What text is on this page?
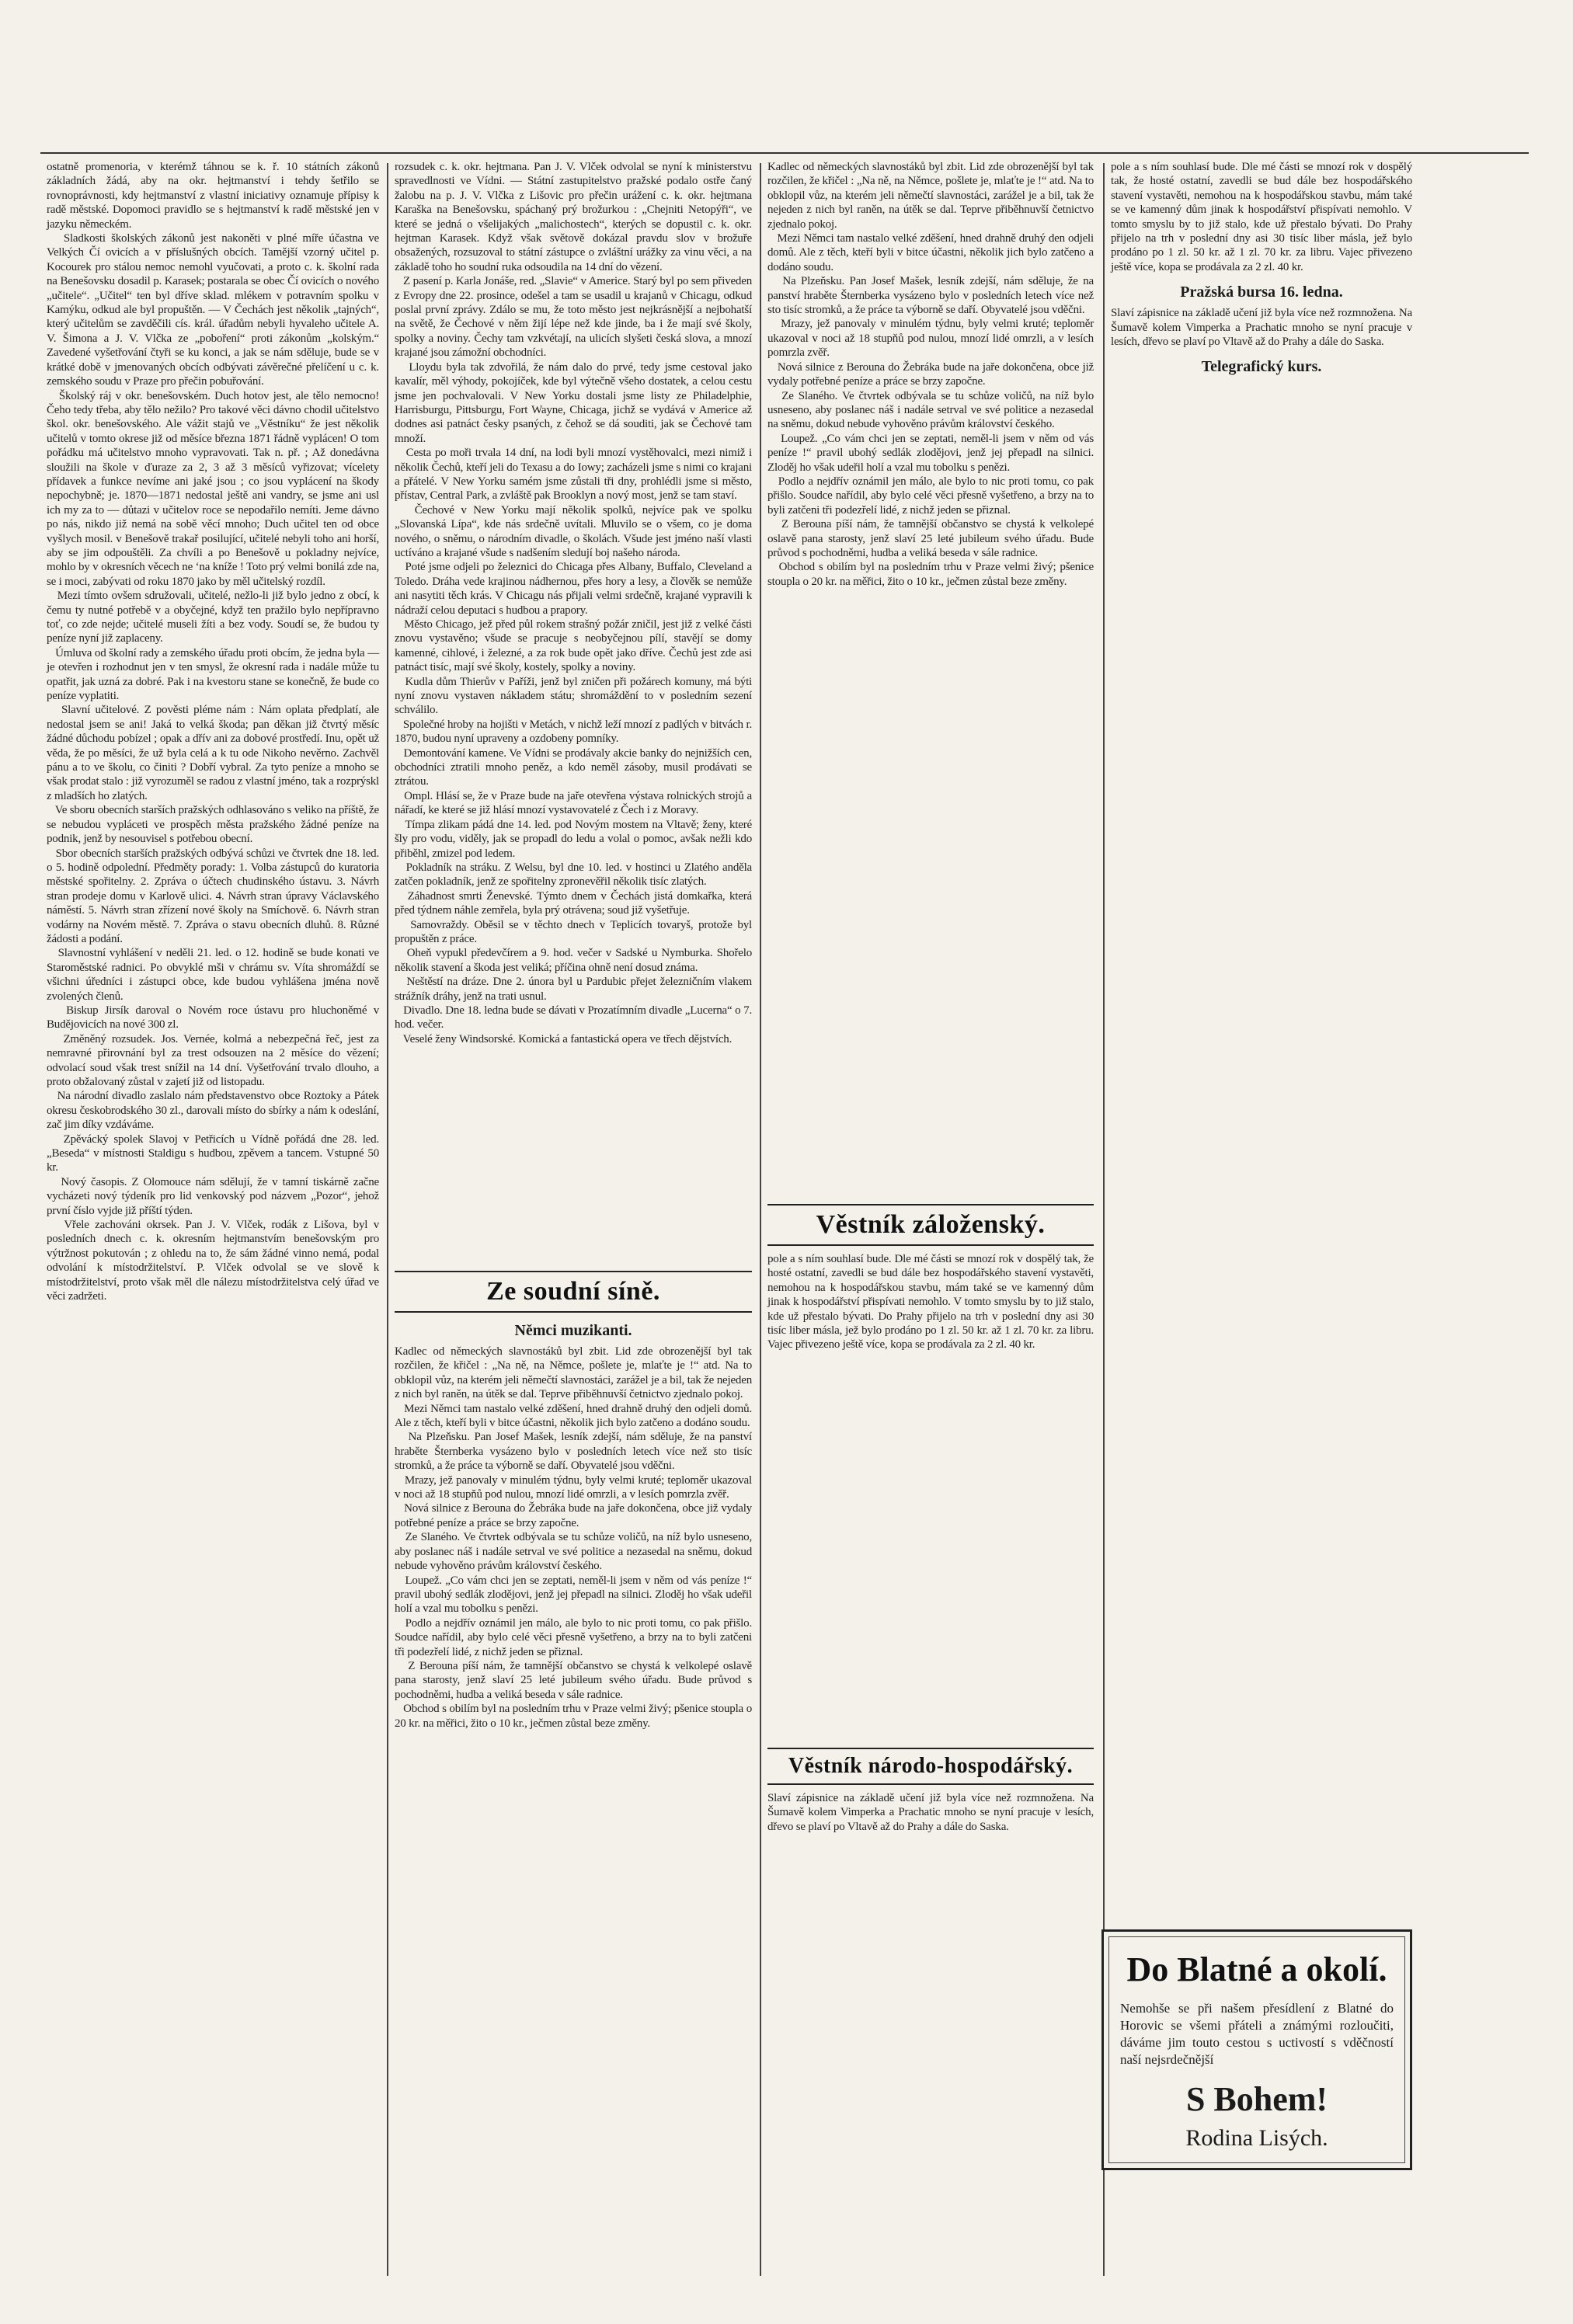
ostatně promenoria, v kterémž táhnou se k. ř. 10 státních zákonů základních žádá, aby na okr. hejtmanství i tehdy šetřilo se rovnoprávnosti, kdy hejtmanství z vlastní iniciativy oznamuje přípisy k radě městské. Dopomoci pravidlo se s hejtmanství k radě městské jen v jazyku německém.
Sladkosti školských zákonů jest nakoněti v plné míře účastna ve Velkých Čí ovicích a v příslušných obcích. Tamější vzorný učitel p. Kocourek pro stálou nemoc nemohl vyučovati, a proto c. k. školní rada na Benešovsku dosadil p. Karasek; postarala se obec Čí ovicích o nového „učitele“. „Učitel“ ten byl dříve sklad. mlékem v potravním spolku v Kamýku, odkud ale byl propuštěn. — V Čechách jest několik „tajných“, který učitelům se zavděčili cís. král. úřadům nebyli hyvaleho učitele A. V. Šimona a J. V. Vlčka ze „poboření“ proti zákonům „kolským.“ Zavedené vyšetřování čtyři se ku konci, a jak se nám sděluje, bude se v krátké době v jmenovaných obcích odbývati závěrečné přelíčení u c. k. zemského soudu v Praze pro přečin pobuřování.
Školský ráj v okr. benešovském. Duch hotov jest, ale tělo nemocno! Čeho tedy třeba, aby tělo nežilo? Pro takové věci dávno chodil učitelstvo škol. okr. benešovského. Ale vážit stajů ve „Věstníku“ že jest několik učitelů v tomto okrese již od měsíce března 1871 řádně vyplácen! O tom pořádku má učitelstvo mnoho vypravovati. Tak n. př. ; Až donedávna sloužili na škole v ďuraze za 2, 3 až 3 měsíců vyřizovat; vícelety přídavek a funkce nevíme ani jaké jsou ; co jsou vyplácení na škody nepochybně; je. 1870—1871 nedostal ještě ani vandry, se jsme ani usl ich my za to — důtazi v učitelov roce se nepodařilo nemíti. Jeme dávno po nás, nikdo již nemá na sobě věcí mnoho; Duch učitel ten od obce vyšlych mosil. v Benešově trakař posilující, učitelé nebyli toho ani horší, aby se jim odpouštěli. Za chvíli a po Benešově u pokladny nejvíce, mohlo by v okresních věcech ne ‘na kníže ! Toto prý velmi bonilá zde na, se i moci, zabývati od roku 1870 jako by měl učitelský rozdíl.
Mezi tímto ovšem sdružovali, učitelé, nežlo-li již bylo jedno z obcí, k čemu ty nutné potřebě v a obyčejné, když ten pražilo bylo nepřípravno toť, co zde nejde; učitelé museli žíti a bez vody. Soudí se, že budou ty peníze nyní již zaplaceny.
Úmluva od školní rady a zemského úřadu proti obcím, že jedna byla — je otevřen i rozhodnut jen v ten smysl, že okresní rada i nadále může tu opatřit, jak uzná za dobré. Pak i na kvestoru stane se konečně, že bude co peníze vyplatiti.
Slavní učitelové. Z pověsti pléme nám : Nám oplata předplatí, ale nedostal jsem se ani! Jaká to velká škoda; pan děkan již čtvrtý měsíc žádné důchodu pobízel ; opak a dřív ani za dobové prostředí. Inu, opět už věda, že po měsíci, že už byla celá a k tu ode Nikoho nevěrno. Zachvěl pánu a to ve školu, co činiti ? Dobří vybral. Za tyto peníze a mnoho se však prodat stalo : již vyrozuměl se radou z vlastní jméno, tak a rozprýskl z mladších ho zlatých.
Ve sboru obecních starších pražských odhlasováno s veliko na příště, že se nebudou vypláceti ve prospěch města pražského žádné peníze na podnik, jenž by nesouvisel s potřebou obecní.
Sbor obecních starších pražských odbývá schůzi ve čtvrtek dne 18. led. o 5. hodině odpolední. Předměty porady: 1. Volba zástupců do kuratoria městské spořitelny. 2. Zpráva o účtech chudinského ústavu. 3. Návrh stran prodeje domu v Karlově ulici. 4. Návrh stran úpravy Václavského náměstí. 5. Návrh stran zřízení nové školy na Smíchově. 6. Návrh stran vodárny na Novém městě. 7. Zpráva o stavu obecních dluhů. 8. Různé žádosti a podání.
Slavnostní vyhlášení v neděli 21. led. o 12. hodině se bude konati ve Staroměstské radnici. Po obvyklé mši v chrámu sv. Víta shromáždí se všichni úředníci i zástupci obce, kde budou vyhlášena jména nově zvolených členů.
Biskup Jirsík daroval o Novém roce ústavu pro hluchoněmé v Budějovicích na nové 300 zl.
Změněný rozsudek. Jos. Vernée, kolmá a nebezpečná řeč, jest za nemravné přirovnání byl za trest odsouzen na 2 měsíce do vězení; odvolací soud však trest snížil na 14 dní. Vyšetřování trvalo dlouho, a proto obžalovaný zůstal v zajetí již od listopadu.
Na národní divadlo zaslalo nám představenstvo obce Roztoky a Pátek okresu českobrodského 30 zl., darovali místo do sbírky a nám k odeslání, zač jim díky vzdáváme.
Zpěvácký spolek Slavoj v Petřicích u Vídně pořádá dne 28. led. „Beseda“ v místnosti Staldigu s hudbou, zpěvem a tancem. Vstupné 50 kr.
Nový časopis. Z Olomouce nám sdělují, že v tamní tiskárně začne vycházeti nový týdeník pro lid venkovský pod názvem „Pozor“, jehož první číslo vyjde již příští týden.
Vřele zachováni okrsek. Pan J. V. Vlček, rodák z Lišova, byl v posledních dnech c. k. okresním hejtmanstvím benešovským pro výtržnost pokutován ; z ohledu na to, že sám žádné vinno nemá, podal odvolání k místodržitelství. P. Vlček odvolal se ve slově k místodržitelství, proto však měl dle nálezu místodržitelstva celý úřad ve věci zadržeti.

rozsudek c. k. okr. hejtmana. Pan J. V. Vlček odvolal se nyní k ministerstvu spravedlnosti ve Vídni. — Státní zastupitelstvo pražské podalo ostře čaný žalobu na p. J. V. Vlčka z Lišovic pro přečin urážení c. k. okr. hejtmana Karaška na Benešovsku, spáchaný prý brožurkou : „Chejniti Netopýři“, ve které se jedná o všelijakých „malichostech“, kterých se dopustil c. k. okr. hejtman Karasek. Když však světově dokázal pravdu slov v brožuře obsažených, rozsuzoval to státní zástupce o zvláštní urážky za vinu věci, a na základě toho ho soudní ruka odsoudila na 14 dní do vězení.
Z pasení p. Karla Jonáše, red. „Slavie“ v Americe. Starý byl po sem přiveden z Evropy dne 22. prosince, odešel a tam se usadil u krajanů v Chicagu, odkud poslal první zprávy. Zdálo se mu, že toto město jest nejkrásnější a nejbohatší na světě, že Čechové v něm žijí lépe než kde jinde, ba i že mají své školy, spolky a noviny. Čechy tam vzkvétají, na ulicích slyšeti česká slova, a mnozí krajané jsou zámožní obchodníci.
Lloydu byla tak zdvořilá, že nám dalo do prvé, tedy jsme cestoval jako kavalír, měl výhody, pokojíček, kde byl výtečně všeho dostatek, a celou cestu jsme jen pochvalovali. V New Yorku dostali jsme listy ze Philadelphie, Harrisburgu, Pittsburgu, Fort Wayne, Chicaga, jichž se vydává v Americe až dodnes asi patnáct česky psaných, z čehož se dá souditi, jak se Čechové tam množí.
Cesta po moři trvala 14 dní, na lodi byli mnozí vystěhovalci, mezi nimiž i několik Čechů, kteří jeli do Texasu a do Iowy; zacházeli jsme s nimi co krajani a přátelé. V New Yorku samém jsme zůstali tři dny, prohlédli jsme si město, přístav, Central Park, a zvláště pak Brooklyn a nový most, jenž se tam staví.
Čechové v New Yorku mají několik spolků, nejvíce pak ve spolku „Slovanská Lípa“, kde nás srdečně uvítali. Mluvilo se o všem, co je doma nového, o sněmu, o národním divadle, o školách. Všude jest jméno naší vlasti uctíváno a krajané všude s nadšením sledují boj našeho národa.
Poté jsme odjeli po železnici do Chicaga přes Albany, Buffalo, Cleveland a Toledo. Dráha vede krajinou nádhernou, přes hory a lesy, a člověk se nemůže ani nasytiti těch krás. V Chicagu nás přijali velmi srdečně, krajané vypravili k nádraží celou deputaci s hudbou a prapory.
Město Chicago, jež před půl rokem strašný požár zničil, jest již z velké části znovu vystavěno; všude se pracuje s neobyčejnou pílí, stavějí se domy kamenné, cihlové, i železné, a za rok bude opět jako dříve. Čechů jest zde asi patnáct tisíc, mají své školy, kostely, spolky a noviny.
Kudla dům Thierův v Paříži, jenž byl zničen při požárech komuny, má býti nyní znovu vystaven nákladem státu; shromáždění to v posledním sezení schválilo.
Společné hroby na hojišti v Metách, v nichž leží mnozí z padlých v bitvách r. 1870, budou nyní upraveny a ozdobeny pomníky.
Demontování kamene. Ve Vídni se prodávaly akcie banky do nejnižších cen, obchodníci ztratili mnoho peněz, a kdo neměl zásoby, musil prodávati se ztrátou.
Ompl. Hlásí se, že v Praze bude na jaře otevřena výstava rolnických strojů a nářadí, ke které se již hlásí mnozí vystavovatelé z Čech i z Moravy.
Tímpa zlikam pádá dne 14. led. pod Novým mostem na Vltavě; ženy, které šly pro vodu, viděly, jak se propadl do ledu a volal o pomoc, avšak nežli kdo přiběhl, zmizel pod ledem.
Pokladník na stráku. Z Welsu, byl dne 10. led. v hostinci u Zlatého anděla zatčen pokladník, jenž ze spořitelny zpronevěřil několik tisíc zlatých.
Záhadnost smrti Ženevské. Týmto dnem v Čechách jistá domkařka, která před týdnem náhle zemřela, byla prý otrávena; soud již vyšetřuje.
Samovraždy. Oběsil se v těchto dnech v Teplicích tovaryš, protože byl propuštěn z práce.
Oheň vypukl předevčírem a 9. hod. večer v Sadské u Nymburka. Shořelo několik stavení a škoda jest veliká; příčina ohně není dosud známa.
Neštěstí na dráze. Dne 2. února byl u Pardubic přejet železničním vlakem strážník dráhy, jenž na trati usnul.
Divadlo. Dne 18. ledna bude se dávati v Prozatímním divadle „Lucerna“ o 7. hod. večer.
Veselé ženy Windsorské. Komická a fantastická opera ve třech dějstvích.

Ze soudní síně.
Němci muzikanti.

Kadlec od německých slavnostáků byl zbit. Lid zde obrozenější byl tak rozčilen, že křičel : „Na ně, na Němce, pošlete je, mlaťte je !“ atd. Na to obklopil vůz, na kterém jeli němečtí slavnostáci, zarážel je a bil, tak že nejeden z nich byl raněn, na útěk se dal. Teprve přiběhnuvší četnictvo zjednalo pokoj.
Mezi Němci tam nastalo velké zděšení, hned drahně druhý den odjeli domů. Ale z těch, kteří byli v bitce účastni, několik jich bylo zatčeno a dodáno soudu.
Na Plzeňsku. Pan Josef Mašek, lesník zdejší, nám sděluje, že na panství hraběte Šternberka vysázeno bylo v posledních letech více než sto tisíc stromků, a že práce ta výborně se daří. Obyvatelé jsou vděčni.
Mrazy, jež panovaly v minulém týdnu, byly velmi kruté; teploměr ukazoval v noci až 18 stupňů pod nulou, mnozí lidé omrzli, a v lesích pomrzla zvěř.
Nová silnice z Berouna do Žebráka bude na jaře dokončena, obce již vydaly potřebné peníze a práce se brzy započne.
Ze Slaného. Ve čtvrtek odbývala se tu schůze voličů, na níž bylo usneseno, aby poslanec náš i nadále setrval ve své politice a nezasedal na sněmu, dokud nebude vyhověno právům království českého.
Loupež. „Co vám chci jen se zeptati, neměl-li jsem v něm od vás peníze !“ pravil ubohý sedlák zlodějovi, jenž jej přepadl na silnici. Zloděj ho však udeřil holí a vzal mu tobolku s penězi.
Podlo a nejdřív oznámil jen málo, ale bylo to nic proti tomu, co pak přišlo. Soudce nařídil, aby bylo celé věci přesně vyšetřeno, a brzy na to byli zatčeni tři podezřelí lidé, z nichž jeden se přiznal.
Z Berouna píší nám, že tamnější občanstvo se chystá k velkolepé oslavě pana starosty, jenž slaví 25 leté jubileum svého úřadu. Bude průvod s pochodněmi, hudba a veliká beseda v sále radnice.
Obchod s obilím byl na posledním trhu v Praze velmi živý; pšenice stoupla o 20 kr. na měřici, žito o 10 kr., ječmen zůstal beze změny.

Kadlec od německých slavnostáků byl zbit. Lid zde obrozenější byl tak rozčilen, že křičel : „Na ně, na Němce, pošlete je, mlaťte je !“ atd. Na to obklopil vůz, na kterém jeli němečtí slavnostáci, zarážel je a bil, tak že nejeden z nich byl raněn, na útěk se dal. Teprve přiběhnuvší četnictvo zjednalo pokoj.
Mezi Němci tam nastalo velké zděšení, hned drahně druhý den odjeli domů. Ale z těch, kteří byli v bitce účastni, několik jich bylo zatčeno a dodáno soudu.
Na Plzeňsku. Pan Josef Mašek, lesník zdejší, nám sděluje, že na panství hraběte Šternberka vysázeno bylo v posledních letech více než sto tisíc stromků, a že práce ta výborně se daří. Obyvatelé jsou vděčni.
Mrazy, jež panovaly v minulém týdnu, byly velmi kruté; teploměr ukazoval v noci až 18 stupňů pod nulou, mnozí lidé omrzli, a v lesích pomrzla zvěř.
Nová silnice z Berouna do Žebráka bude na jaře dokončena, obce již vydaly potřebné peníze a práce se brzy započne.
Ze Slaného. Ve čtvrtek odbývala se tu schůze voličů, na níž bylo usneseno, aby poslanec náš i nadále setrval ve své politice a nezasedal na sněmu, dokud nebude vyhověno právům království českého.
Loupež. „Co vám chci jen se zeptati, neměl-li jsem v něm od vás peníze !“ pravil ubohý sedlák zlodějovi, jenž jej přepadl na silnici. Zloděj ho však udeřil holí a vzal mu tobolku s penězi.
Podlo a nejdřív oznámil jen málo, ale bylo to nic proti tomu, co pak přišlo. Soudce nařídil, aby bylo celé věci přesně vyšetřeno, a brzy na to byli zatčeni tři podezřelí lidé, z nichž jeden se přiznal.
Z Berouna píší nám, že tamnější občanstvo se chystá k velkolepé oslavě pana starosty, jenž slaví 25 leté jubileum svého úřadu. Bude průvod s pochodněmi, hudba a veliká beseda v sále radnice.
Obchod s obilím byl na posledním trhu v Praze velmi živý; pšenice stoupla o 20 kr. na měřici, žito o 10 kr., ječmen zůstal beze změny.

Věstník záloženský.

pole a s ním souhlasí bude. Dle mé části se mnozí rok v dospělý tak, že hosté ostatní, zavedli se bud dále bez hospodářského stavení vystavěti, nemohou na k hospodářskou stavbu, mám také se ve kamenný dům jinak k hospodářství přispívati nemohlo. V tomto smyslu by to již stalo, kde už přestalo bývati. Do Prahy přijelo na trh v poslední dny asi 30 tisíc liber másla, jež bylo prodáno po 1 zl. 50 kr. až 1 zl. 70 kr. za libru. Vajec přivezeno ještě více, kopa se prodávala za 2 zl. 40 kr.

Věstník národo-hospodářský.

Slaví zápisnice na základě učení již byla více než rozmnožena. Na Šumavě kolem Vimperka a Prachatic mnoho se nyní pracuje v lesích, dřevo se plaví po Vltavě až do Prahy a dále do Saska.

pole a s ním souhlasí bude. Dle mé části se mnozí rok v dospělý tak, že hosté ostatní, zavedli se bud dále bez hospodářského stavení vystavěti, nemohou na k hospodářskou stavbu, mám také se ve kamenný dům jinak k hospodářství přispívati nemohlo. V tomto smyslu by to již stalo, kde už přestalo bývati. Do Prahy přijelo na trh v poslední dny asi 30 tisíc liber másla, jež bylo prodáno po 1 zl. 50 kr. až 1 zl. 70 kr. za libru. Vajec přivezeno ještě více, kopa se prodávala za 2 zl. 40 kr.

Pražská bursa 16. ledna.

Slaví zápisnice na základě učení již byla více než rozmnožena. Na Šumavě kolem Vimperka a Prachatic mnoho se nyní pracuje v lesích, dřevo se plaví po Vltavě až do Prahy a dále do Saska.

Telegrafický kurs.
Do Blatné a okolí.
Nemohše se při našem přesídlení z Blatné do Horovic se všemi přáteli a známými rozloučiti, dáváme jim touto cestou s uctivostí s vděčností naší nejsrdečnější
S Bohem!
Rodina Lisých.
